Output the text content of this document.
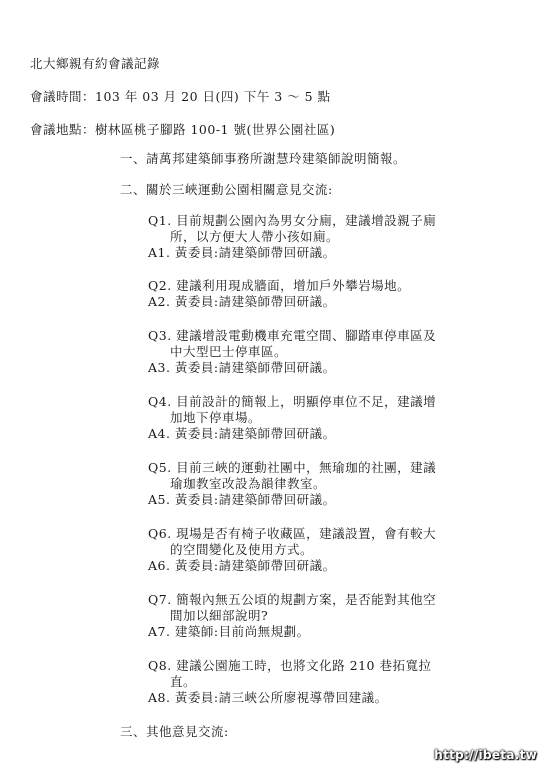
北大鄉親有約會議記錄
會議時間：103 年 03 月 20 日(四) 下午 3 ～ 5 點
會議地點：樹林區桃子腳路 100-1 號(世界公園社區)
一、請萬邦建築師事務所謝慧玲建築師說明簡報。
二、關於三峽運動公園相關意見交流:
Q1. 目前規劃公園內為男女分廁，建議增設親子廁
所，以方便大人帶小孩如廁。
A1. 黃委員:請建築師帶回研議。
Q2. 建議利用現成牆面，增加戶外攀岩場地。
A2. 黃委員:請建築師帶回研議。
Q3. 建議增設電動機車充電空間、腳踏車停車區及
中大型巴士停車區。
A3. 黃委員:請建築師帶回研議。
Q4. 目前設計的簡報上，明顯停車位不足，建議增
加地下停車場。
A4. 黃委員:請建築師帶回研議。
Q5. 目前三峽的運動社團中，無瑜珈的社團，建議
瑜珈教室改設為韻律教室。
A5. 黃委員:請建築師帶回研議。
Q6. 現場是否有椅子收藏區，建議設置，會有較大
的空間變化及使用方式。
A6. 黃委員:請建築師帶回研議。
Q7. 簡報內無五公頃的規劃方案，是否能對其他空
間加以細部說明?
A7. 建築師:目前尚無規劃。
Q8. 建議公園施工時，也將文化路 210 巷拓寬拉
直。
A8. 黃委員:請三峽公所廖視導帶回建議。
三、其他意見交流:
http://ibeta.tw
